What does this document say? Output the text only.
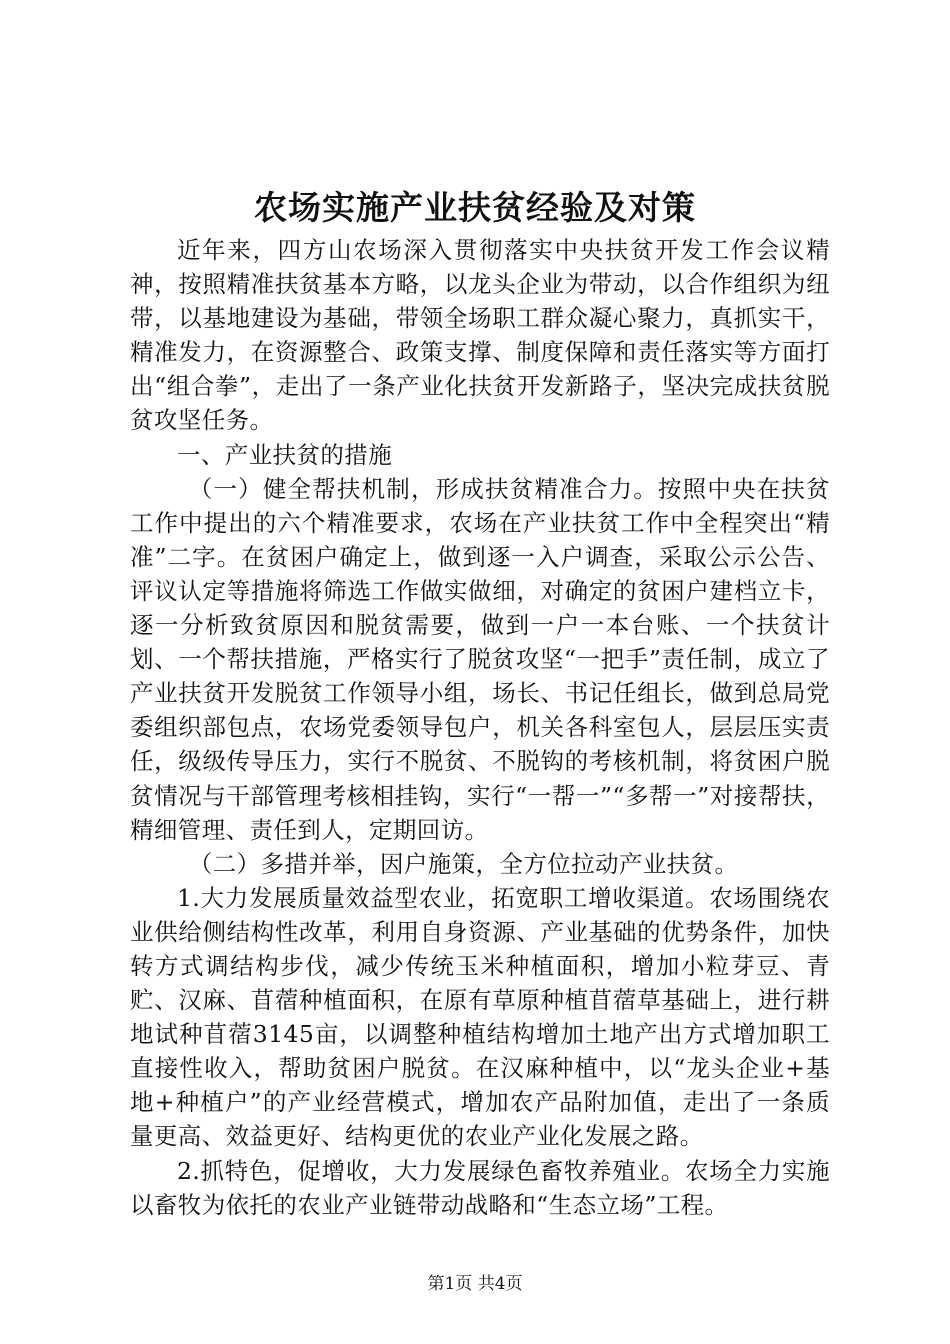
农场实施产业扶贫经验及对策

近年来，四方山农场深入贯彻落实中央扶贫开发工作会议精神，按照精准扶贫基本方略，以龙头企业为带动，以合作组织为纽带，以基地建设为基础，带领全场职工群众凝心聚力，真抓实干，精准发力，在资源整合、政策支撑、制度保障和责任落实等方面打出“组合拳”，走出了一条产业化扶贫开发新路子，坚决完成扶贫脱贫攻坚任务。

一、产业扶贫的措施

（一）健全帮扶机制，形成扶贫精准合力。按照中央在扶贫工作中提出的六个精准要求，农场在产业扶贫工作中全程突出“精准”二字。在贫困户确定上，做到逐一入户调查，采取公示公告、评议认定等措施将筛选工作做实做细，对确定的贫困户建档立卡，逐一分析致贫原因和脱贫需要，做到一户一本台账、一个扶贫计划、一个帮扶措施，严格实行了脱贫攻坚“一把手”责任制，成立了产业扶贫开发脱贫工作领导小组，场长、书记任组长，做到总局党委组织部包点，农场党委领导包户，机关各科室包人，层层压实责任，级级传导压力，实行不脱贫、不脱钩的考核机制，将贫困户脱贫情况与干部管理考核相挂钩，实行“一帮一”“多帮一”对接帮扶，精细管理、责任到人，定期回访。

（二）多措并举，因户施策，全方位拉动产业扶贫。

1.大力发展质量效益型农业，拓宽职工增收渠道。农场围绕农业供给侧结构性改革，利用自身资源、产业基础的优势条件，加快转方式调结构步伐，减少传统玉米种植面积，增加小粒芽豆、青贮、汉麻、苜蓿种植面积，在原有草原种植苜蓿草基础上，进行耕地试种苜蓿3145亩，以调整种植结构增加土地产出方式增加职工直接性收入，帮助贫困户脱贫。在汉麻种植中，以“龙头企业+基地+种植户”的产业经营模式，增加农产品附加值，走出了一条质量更高、效益更好、结构更优的农业产业化发展之路。

2.抓特色，促增收，大力发展绿色畜牧养殖业。农场全力实施以畜牧为依托的农业产业链带动战略和“生态立场”工程。

第1页 共4页
